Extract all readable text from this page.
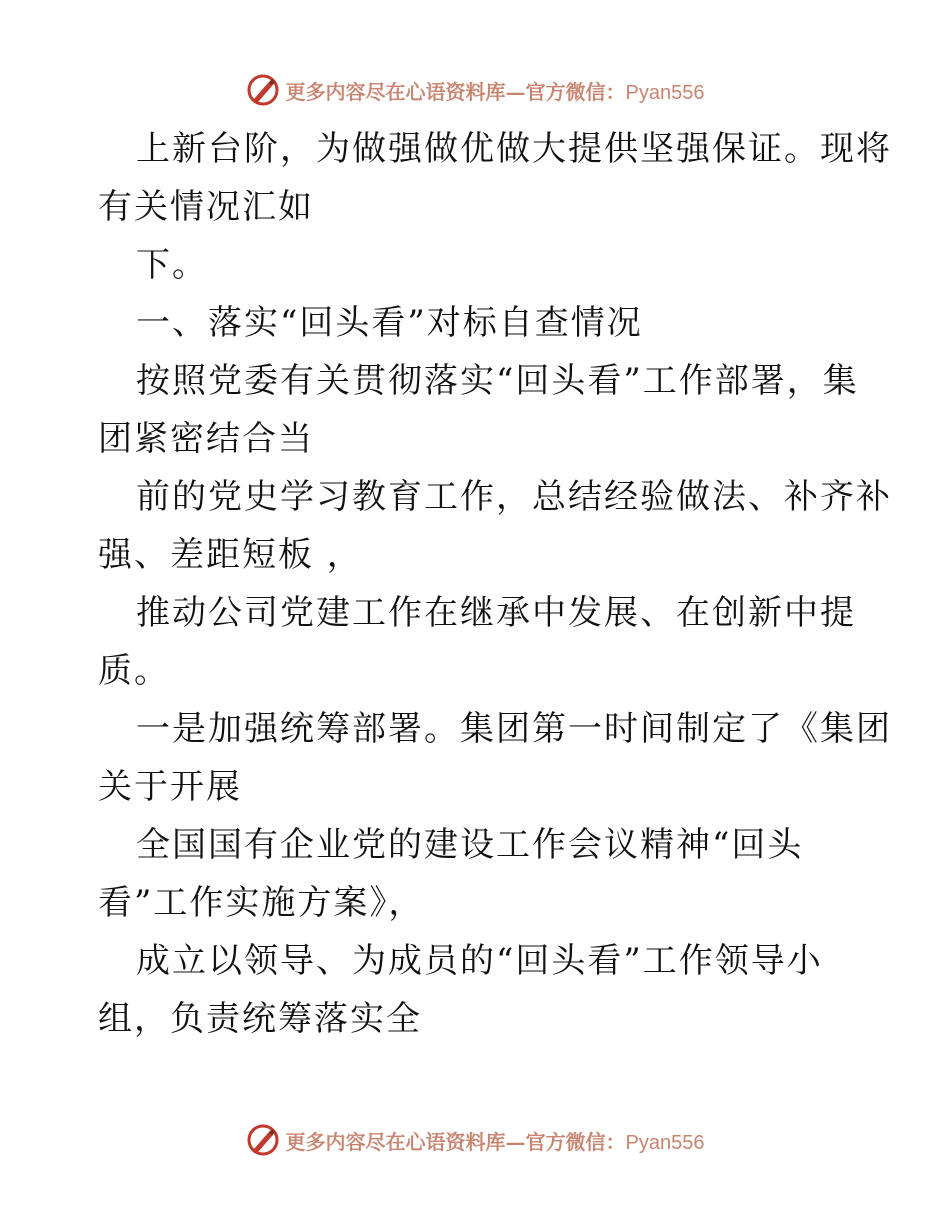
更多内容尽在心语资料库—官方微信：Pyan556
上新台阶，为做强做优做大提供坚强保证。现将
有关情况汇如
下。
一、落实“回头看”对标自查情况
按照党委有关贯彻落实“回头看”工作部署，集
团紧密结合当
前的党史学习教育工作，总结经验做法、补齐补
强、差距短板 ，
推动公司党建工作在继承中发展、在创新中提
质。
一是加强统筹部署。集团第一时间制定了《集团
关于开展
全国国有企业党的建设工作会议精神“回头
看”工作实施方案》，
成立以领导、为成员的“回头看”工作领导小
组，负责统筹落实全
更多内容尽在心语资料库—官方微信：Pyan556
